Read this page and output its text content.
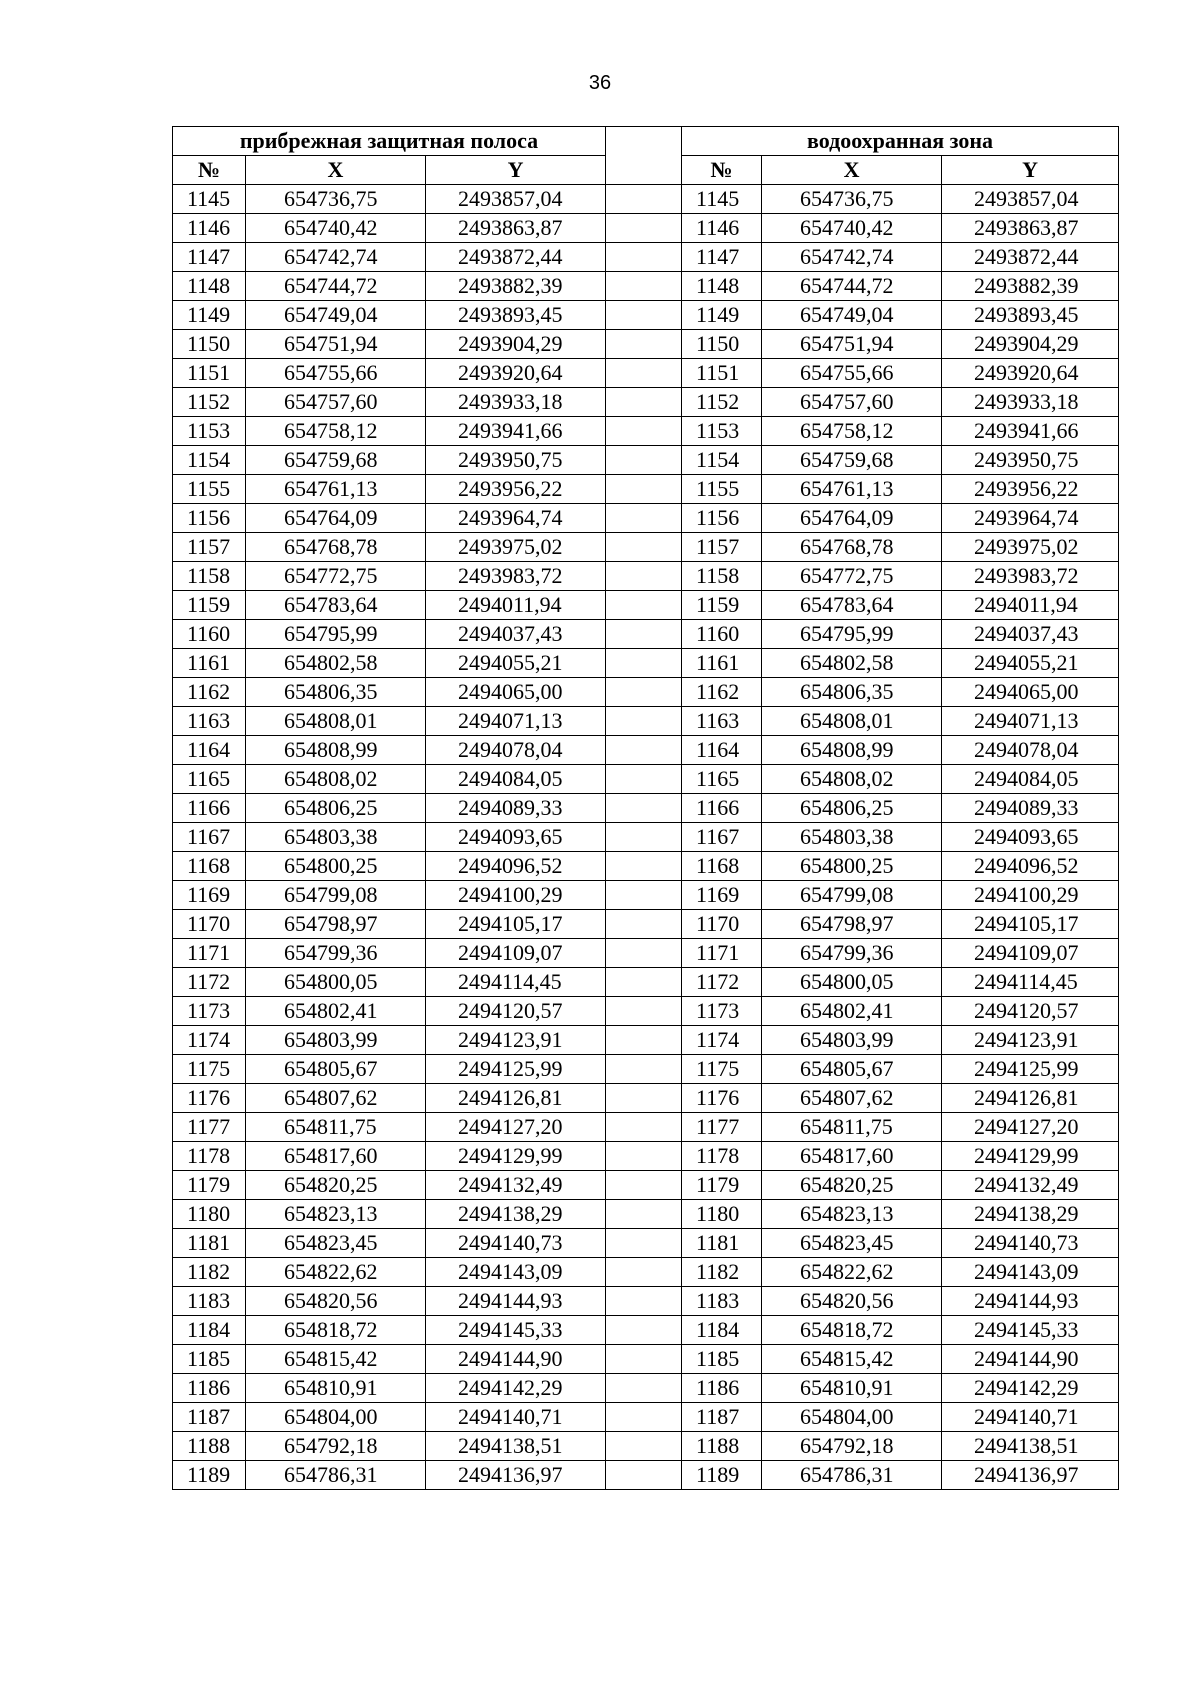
36
прибрежная защитная полоса				водоохранная зона		
№	X	Y		№	X	Y
1145	654736,75	2493857,04		1145	654736,75	2493857,04
1146	654740,42	2493863,87		1146	654740,42	2493863,87
1147	654742,74	2493872,44		1147	654742,74	2493872,44
1148	654744,72	2493882,39		1148	654744,72	2493882,39
1149	654749,04	2493893,45		1149	654749,04	2493893,45
1150	654751,94	2493904,29		1150	654751,94	2493904,29
1151	654755,66	2493920,64		1151	654755,66	2493920,64
1152	654757,60	2493933,18		1152	654757,60	2493933,18
1153	654758,12	2493941,66		1153	654758,12	2493941,66
1154	654759,68	2493950,75		1154	654759,68	2493950,75
1155	654761,13	2493956,22		1155	654761,13	2493956,22
1156	654764,09	2493964,74		1156	654764,09	2493964,74
1157	654768,78	2493975,02		1157	654768,78	2493975,02
1158	654772,75	2493983,72		1158	654772,75	2493983,72
1159	654783,64	2494011,94		1159	654783,64	2494011,94
1160	654795,99	2494037,43		1160	654795,99	2494037,43
1161	654802,58	2494055,21		1161	654802,58	2494055,21
1162	654806,35	2494065,00		1162	654806,35	2494065,00
1163	654808,01	2494071,13		1163	654808,01	2494071,13
1164	654808,99	2494078,04		1164	654808,99	2494078,04
1165	654808,02	2494084,05		1165	654808,02	2494084,05
1166	654806,25	2494089,33		1166	654806,25	2494089,33
1167	654803,38	2494093,65		1167	654803,38	2494093,65
1168	654800,25	2494096,52		1168	654800,25	2494096,52
1169	654799,08	2494100,29		1169	654799,08	2494100,29
1170	654798,97	2494105,17		1170	654798,97	2494105,17
1171	654799,36	2494109,07		1171	654799,36	2494109,07
1172	654800,05	2494114,45		1172	654800,05	2494114,45
1173	654802,41	2494120,57		1173	654802,41	2494120,57
1174	654803,99	2494123,91		1174	654803,99	2494123,91
1175	654805,67	2494125,99		1175	654805,67	2494125,99
1176	654807,62	2494126,81		1176	654807,62	2494126,81
1177	654811,75	2494127,20		1177	654811,75	2494127,20
1178	654817,60	2494129,99		1178	654817,60	2494129,99
1179	654820,25	2494132,49		1179	654820,25	2494132,49
1180	654823,13	2494138,29		1180	654823,13	2494138,29
1181	654823,45	2494140,73		1181	654823,45	2494140,73
1182	654822,62	2494143,09		1182	654822,62	2494143,09
1183	654820,56	2494144,93		1183	654820,56	2494144,93
1184	654818,72	2494145,33		1184	654818,72	2494145,33
1185	654815,42	2494144,90		1185	654815,42	2494144,90
1186	654810,91	2494142,29		1186	654810,91	2494142,29
1187	654804,00	2494140,71		1187	654804,00	2494140,71
1188	654792,18	2494138,51		1188	654792,18	2494138,51
1189	654786,31	2494136,97		1189	654786,31	2494136,97
